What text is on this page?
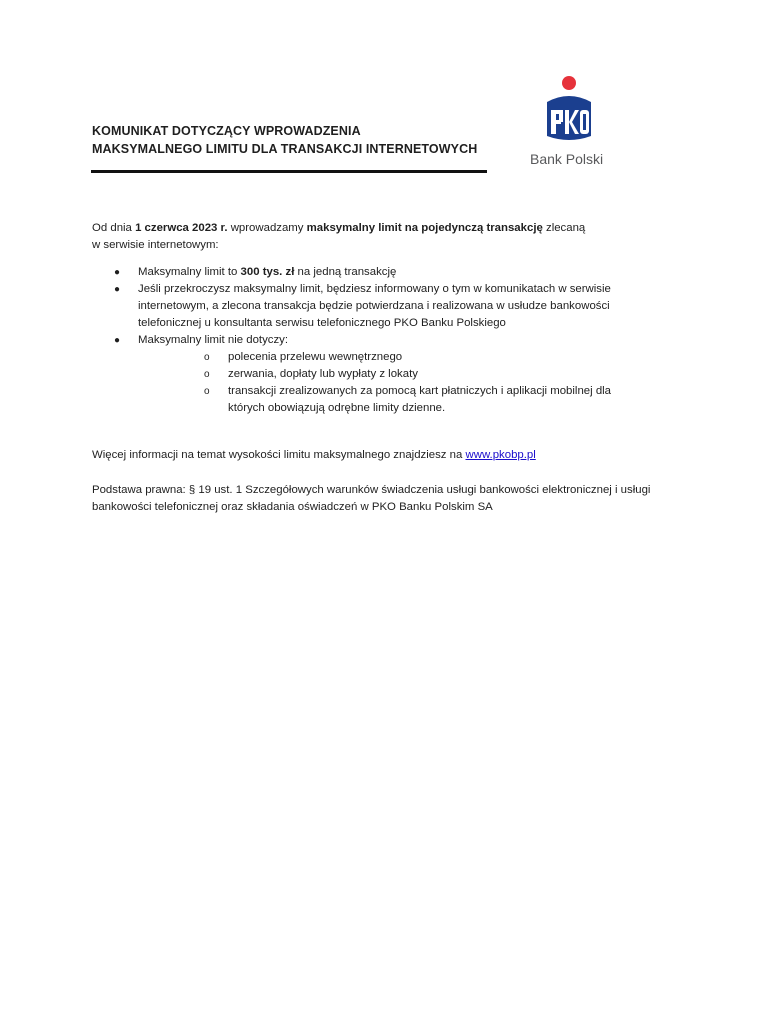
KOMUNIKAT DOTYCZĄCY WPROWADZENIA
MAKSYMALNEGO LIMITU DLA TRANSAKCJI INTERNETOWYCH
Bank Polski
Od dnia 1 czerwca 2023 r. wprowadzamy maksymalny limit na pojedynczą transakcję zlecaną
w serwisie internetowym:
● Maksymalny limit to 300 tys. zł na jedną transakcję
● Jeśli przekroczysz maksymalny limit, będziesz informowany o tym w komunikatach w serwisie internetowym, a zlecona transakcja będzie potwierdzana i realizowana w usłudze bankowości telefonicznej u konsultanta serwisu telefonicznego PKO Banku Polskiego
● Maksymalny limit nie dotyczy:
o polecenia przelewu wewnętrznego
o zerwania, dopłaty lub wypłaty z lokaty
o transakcji zrealizowanych za pomocą kart płatniczych i aplikacji mobilnej dla których obowiązują odrębne limity dzienne.
Więcej informacji na temat wysokości limitu maksymalnego znajdziesz na www.pkobp.pl
Podstawa prawna: § 19 ust. 1 Szczegółowych warunków świadczenia usługi bankowości elektronicznej i usługi bankowości telefonicznej oraz składania oświadczeń w PKO Banku Polskim SA
